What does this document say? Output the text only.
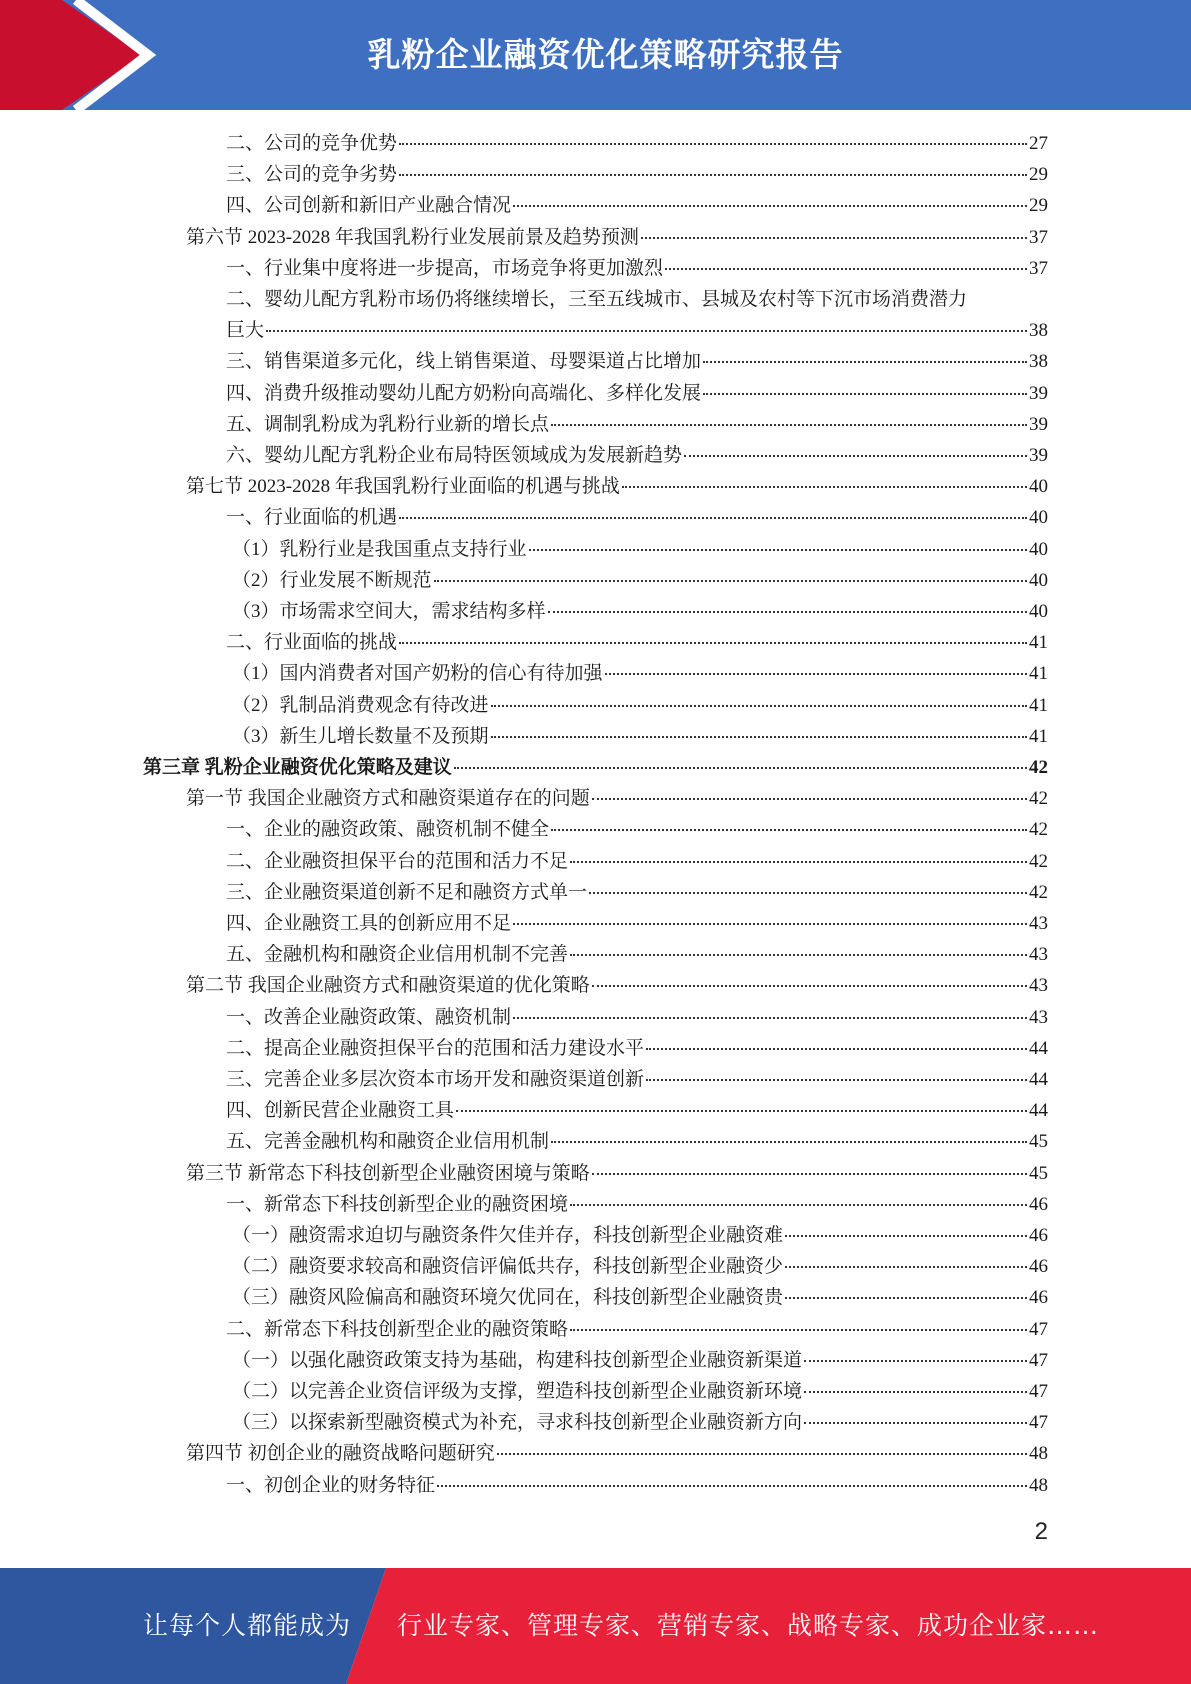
乳粉企业融资优化策略研究报告
二、公司的竞争优势	27
三、公司的竞争劣势	29
四、公司创新和新旧产业融合情况	29
第六节 2023-2028 年我国乳粉行业发展前景及趋势预测	37
一、行业集中度将进一步提高，市场竞争将更加激烈	37
二、婴幼儿配方乳粉市场仍将继续增长，三至五线城市、县城及农村等下沉市场消费潜力
巨大	38
三、销售渠道多元化，线上销售渠道、母婴渠道占比增加	38
四、消费升级推动婴幼儿配方奶粉向高端化、多样化发展	39
五、调制乳粉成为乳粉行业新的增长点	39
六、婴幼儿配方乳粉企业布局特医领域成为发展新趋势	39
第七节 2023-2028 年我国乳粉行业面临的机遇与挑战	40
一、行业面临的机遇	40
（1）乳粉行业是我国重点支持行业	40
（2）行业发展不断规范	40
（3）市场需求空间大，需求结构多样	40
二、行业面临的挑战	41
（1）国内消费者对国产奶粉的信心有待加强	41
（2）乳制品消费观念有待改进	41
（3）新生儿增长数量不及预期	41
第三章 乳粉企业融资优化策略及建议	42
第一节 我国企业融资方式和融资渠道存在的问题	42
一、企业的融资政策、融资机制不健全	42
二、企业融资担保平台的范围和活力不足	42
三、企业融资渠道创新不足和融资方式单一	42
四、企业融资工具的创新应用不足	43
五、金融机构和融资企业信用机制不完善	43
第二节 我国企业融资方式和融资渠道的优化策略	43
一、改善企业融资政策、融资机制	43
二、提高企业融资担保平台的范围和活力建设水平	44
三、完善企业多层次资本市场开发和融资渠道创新	44
四、创新民营企业融资工具	44
五、完善金融机构和融资企业信用机制	45
第三节 新常态下科技创新型企业融资困境与策略	45
一、新常态下科技创新型企业的融资困境	46
（一）融资需求迫切与融资条件欠佳并存，科技创新型企业融资难	46
（二）融资要求较高和融资信评偏低共存，科技创新型企业融资少	46
（三）融资风险偏高和融资环境欠优同在，科技创新型企业融资贵	46
二、新常态下科技创新型企业的融资策略	47
（一）以强化融资政策支持为基础，构建科技创新型企业融资新渠道	47
（二）以完善企业资信评级为支撑，塑造科技创新型企业融资新环境	47
（三）以探索新型融资模式为补充，寻求科技创新型企业融资新方向	47
第四节 初创企业的融资战略问题研究	48
一、初创企业的财务特征	48
2
让每个人都能成为 行业专家、管理专家、营销专家、战略专家、成功企业家……
